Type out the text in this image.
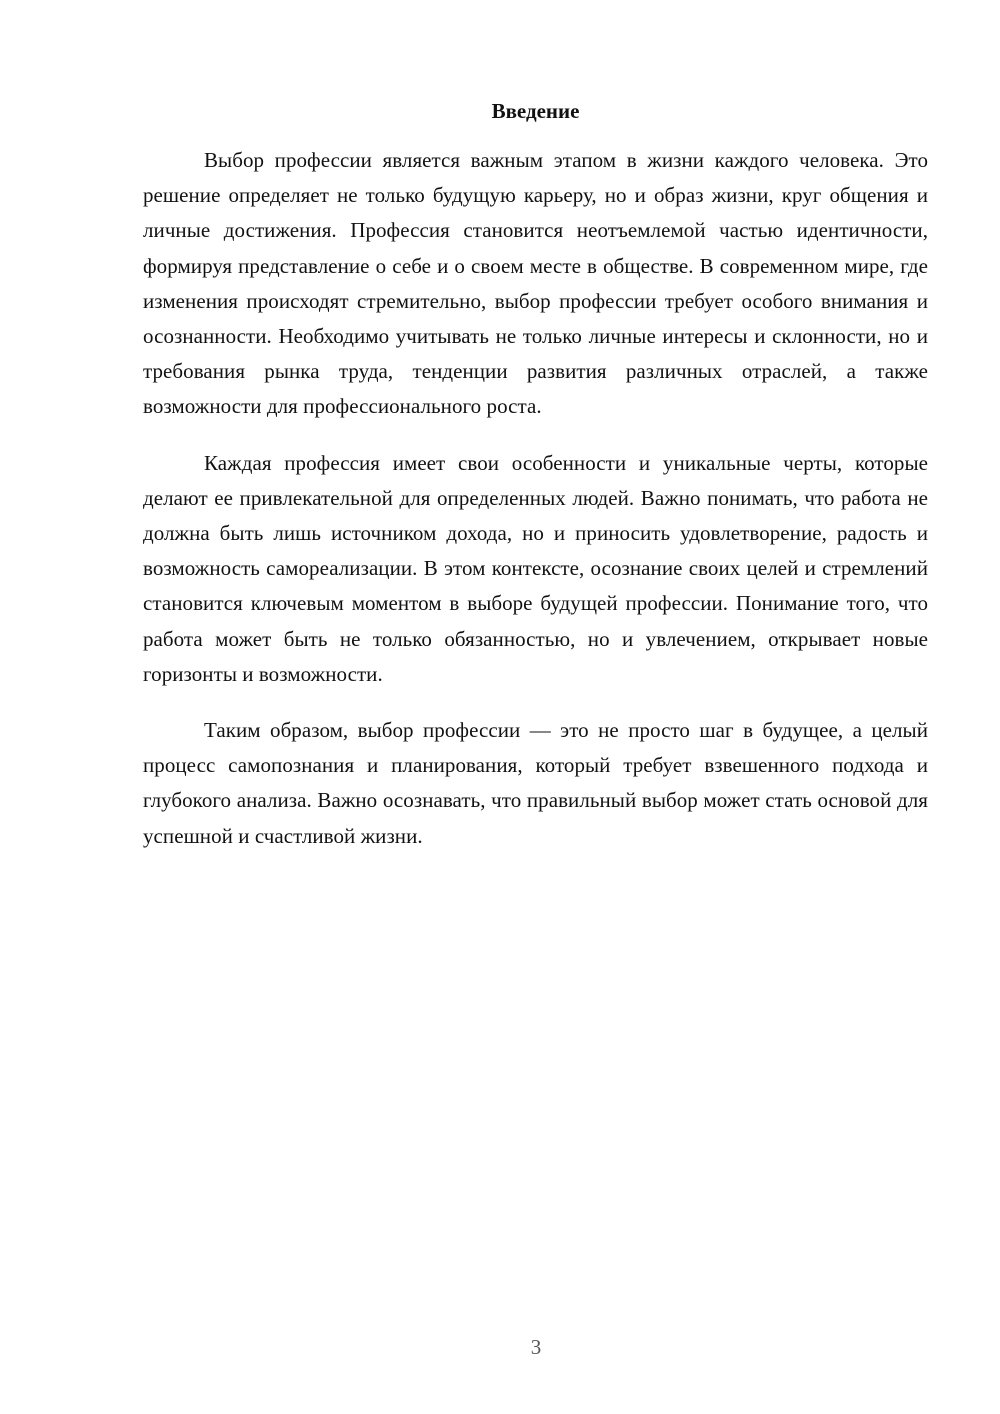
Введение

Выбор профессии является важным этапом в жизни каждого человека. Это решение определяет не только будущую карьеру, но и образ жизни, круг общения и личные достижения. Профессия становится неотъемлемой частью идентичности, формируя представление о себе и о своем месте в обществе. В современном мире, где изменения происходят стремительно, выбор профессии требует особого внимания и осознанности. Необходимо учитывать не только личные интересы и склонности, но и требования рынка труда, тенденции развития различных отраслей, а также возможности для профессионального роста.

Каждая профессия имеет свои особенности и уникальные черты, которые делают ее привлекательной для определенных людей. Важно понимать, что работа не должна быть лишь источником дохода, но и приносить удовлетворение, радость и возможность самореализации. В этом контексте, осознание своих целей и стремлений становится ключевым моментом в выборе будущей профессии. Понимание того, что работа может быть не только обязанностью, но и увлечением, открывает новые горизонты и возможности.

Таким образом, выбор профессии — это не просто шаг в будущее, а целый процесс самопознания и планирования, который требует взвешенного подхода и глубокого анализа. Важно осознавать, что правильный выбор может стать основой для успешной и счастливой жизни.

3
